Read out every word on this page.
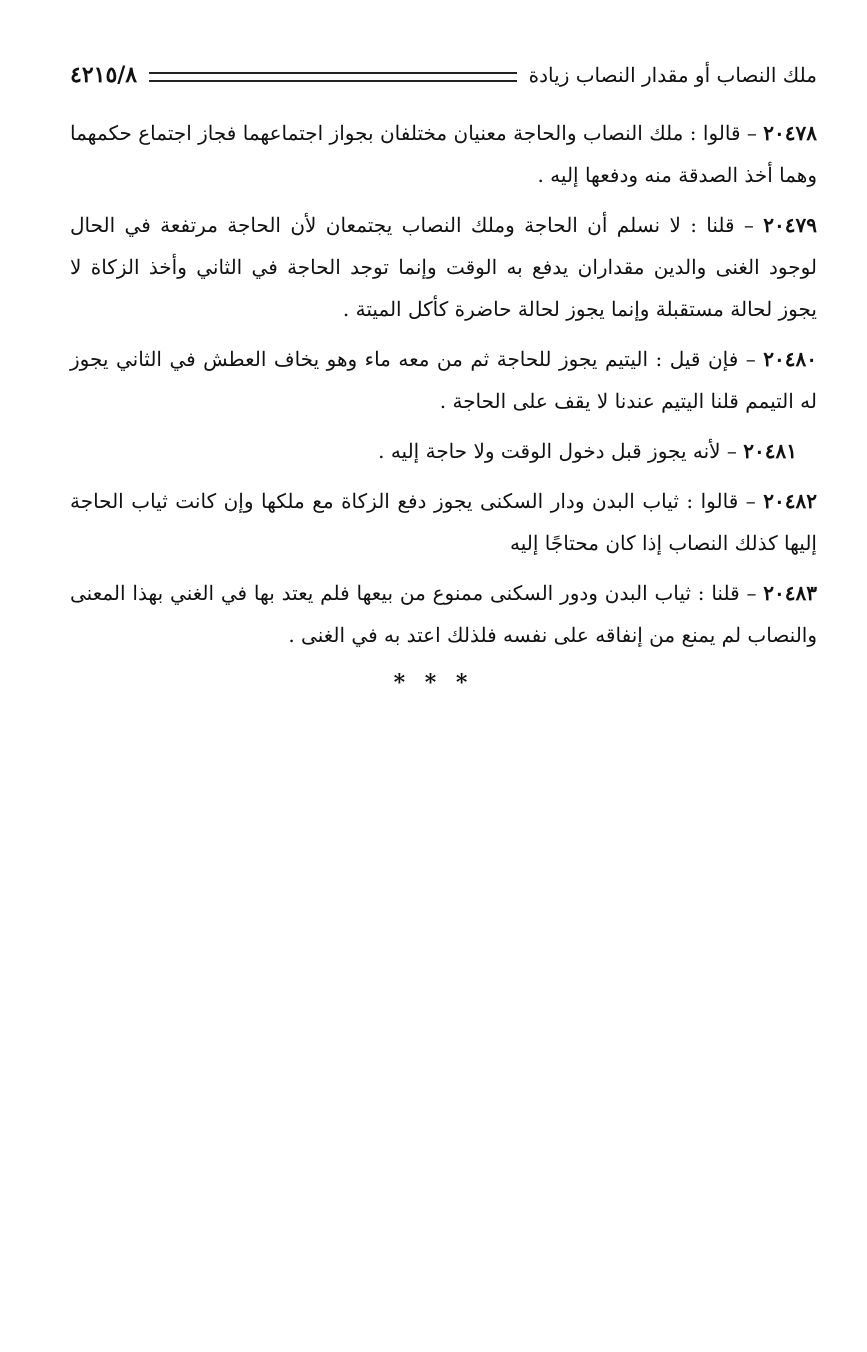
ملك النصاب أو مقدار النصاب زيادة
٤٢١٥/٨

٢٠٤٧٨ – قالوا : ملك النصاب والحاجة معنيان مختلفان بجواز اجتماعهما فجاز اجتماع حكمهما وهما أخذ الصدقة منه ودفعها إليه .

٢٠٤٧٩ – قلنا : لا نسلم أن الحاجة وملك النصاب يجتمعان لأن الحاجة مرتفعة في الحال لوجود الغنى والدين مقداران يدفع به الوقت وإنما توجد الحاجة في الثاني وأخذ الزكاة لا يجوز لحالة مستقبلة وإنما يجوز لحالة حاضرة كأكل الميتة .

٢٠٤٨٠ – فإن قيل : اليتيم يجوز للحاجة ثم من معه ماء وهو يخاف العطش في الثاني يجوز له التيمم قلنا اليتيم عندنا لا يقف على الحاجة .

٢٠٤٨١ – لأنه يجوز قبل دخول الوقت ولا حاجة إليه .

٢٠٤٨٢ – قالوا : ثياب البدن ودار السكنى يجوز دفع الزكاة مع ملكها وإن كانت ثياب الحاجة إليها كذلك النصاب إذا كان محتاجًا إليه

٢٠٤٨٣ – قلنا : ثياب البدن ودور السكنى ممنوع من بيعها فلم يعتد بها في الغني بهذا المعنى والنصاب لم يمنع من إنفاقه على نفسه فلذلك اعتد به في الغنى .

* * *
